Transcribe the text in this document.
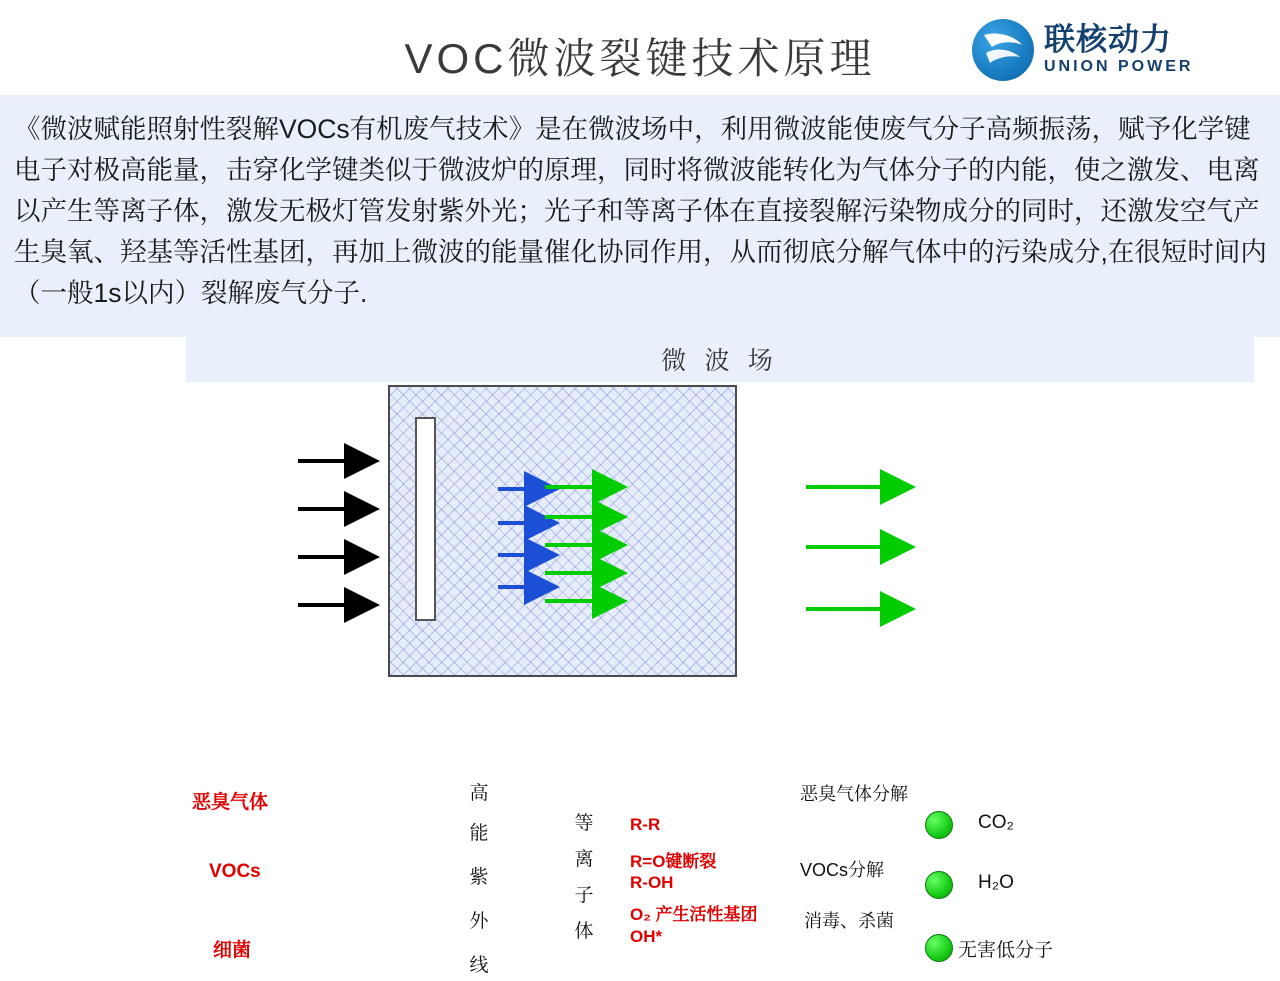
VOC微波裂键技术原理	联核动力
UNION POWER
《微波赋能照射性裂解VOCs有机废气技术》是在微波场中，利用微波能使废气分子高频振荡，赋予化学键电子对极高能量，击穿化学键类似于微波炉的原理，同时将微波能转化为气体分子的内能，使之激发、电离以产生等离子体，激发无极灯管发射紫外光；光子和等离子体在直接裂解污染物成分的同时，还激发空气产生臭氧、羟基等活性基团，再加上微波的能量催化协同作用，从而彻底分解气体中的污染成分,在很短时间内（一般1s以内）裂解废气分子.
微 波 场
恶臭气体
VOCs
细菌
高
能
紫
外
线
等
离
子
体
R-R
R=O键断裂
R-OH
O₂ 产生活性基团
OH*
恶臭气体分解
VOCs分解
消毒、杀菌
CO₂
H₂O
无害低分子
